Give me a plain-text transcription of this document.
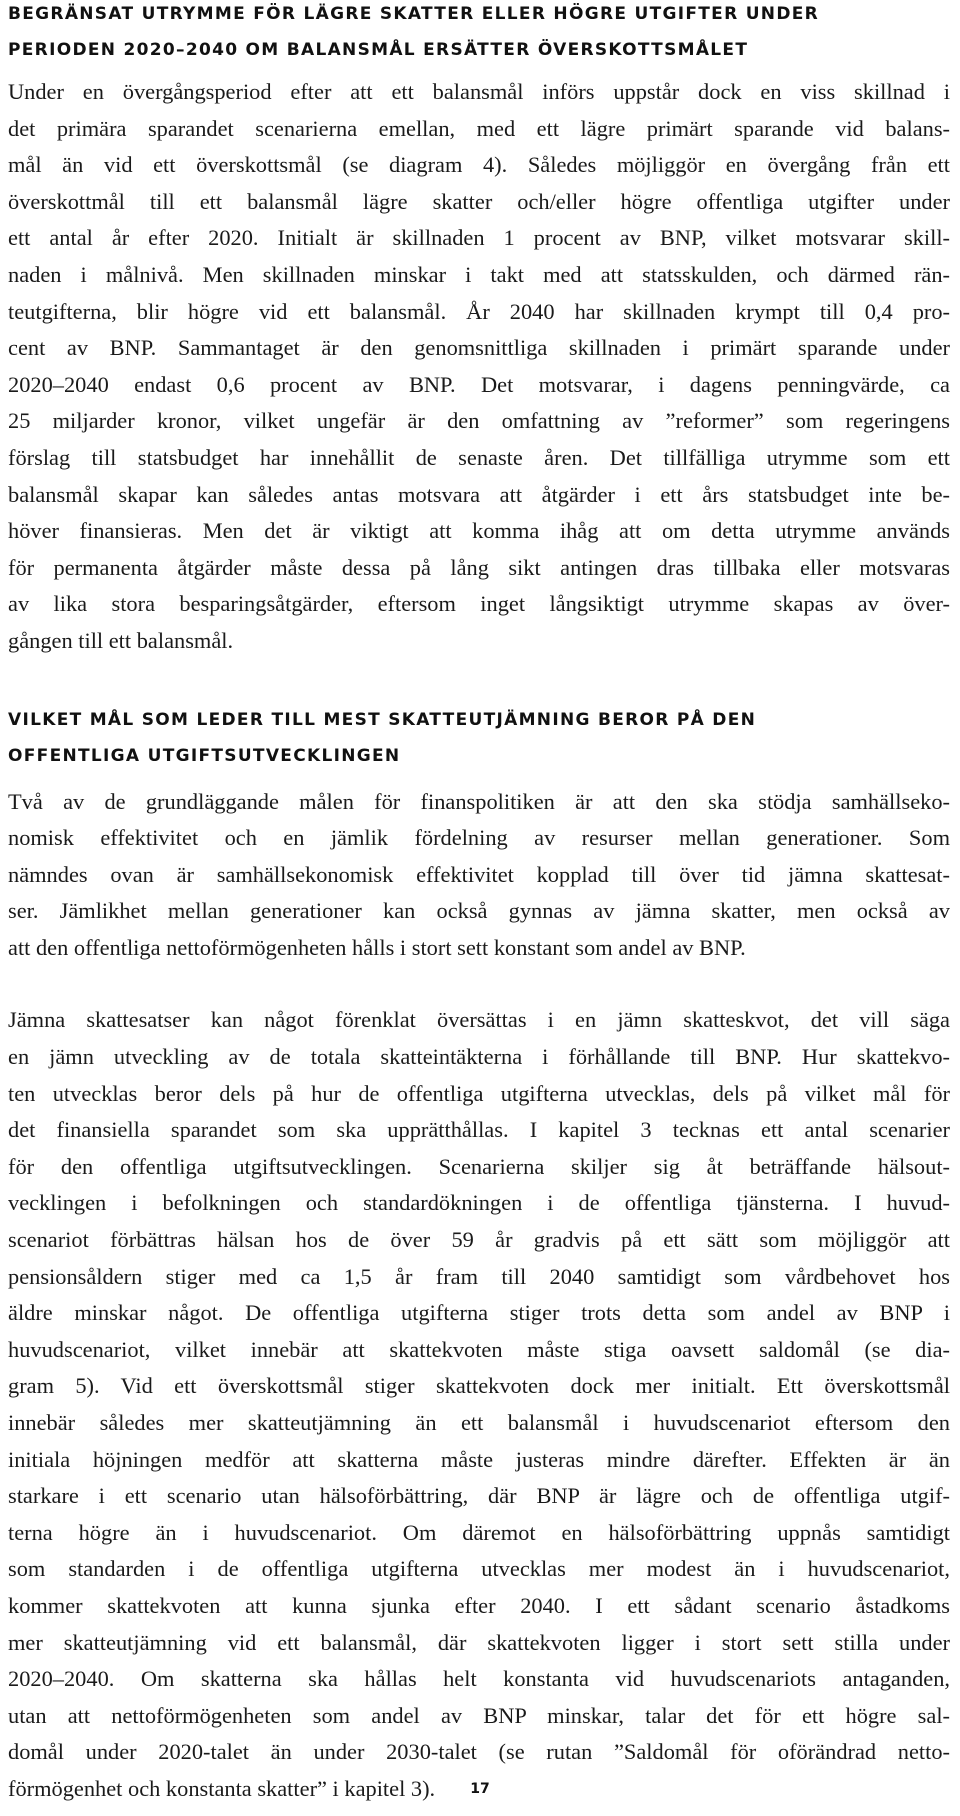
BEGRÄNSAT UTRYMME FÖR LÄGRE SKATTER ELLER HÖGRE UTGIFTER UNDER
PERIODEN 2020–2040 OM BALANSMÅL ERSÄTTER ÖVERSKOTTSMÅLET

Under en övergångsperiod efter att ett balansmål införs uppstår dock en viss skillnad i
det primära sparandet scenarierna emellan, med ett lägre primärt sparande vid balans-
mål än vid ett överskottsmål (se diagram 4). Således möjliggör en övergång från ett
överskottmål till ett balansmål lägre skatter och/eller högre offentliga utgifter under
ett antal år efter 2020. Initialt är skillnaden 1 procent av BNP, vilket motsvarar skill-
naden i målnivå. Men skillnaden minskar i takt med att statsskulden, och därmed rän-
teutgifterna, blir högre vid ett balansmål. År 2040 har skillnaden krympt till 0,4 pro-
cent av BNP. Sammantaget är den genomsnittliga skillnaden i primärt sparande under
2020–2040 endast 0,6 procent av BNP. Det motsvarar, i dagens penningvärde, ca
25 miljarder kronor, vilket ungefär är den omfattning av ”reformer” som regeringens
förslag till statsbudget har innehållit de senaste åren. Det tillfälliga utrymme som ett
balansmål skapar kan således antas motsvara att åtgärder i ett års statsbudget inte be-
höver finansieras. Men det är viktigt att komma ihåg att om detta utrymme används
för permanenta åtgärder måste dessa på lång sikt antingen dras tillbaka eller motsvaras
av lika stora besparingsåtgärder, eftersom inget långsiktigt utrymme skapas av över-
gången till ett balansmål.

VILKET MÅL SOM LEDER TILL MEST SKATTEUTJÄMNING BEROR PÅ DEN
OFFENTLIGA UTGIFTSUTVECKLINGEN

Två av de grundläggande målen för finanspolitiken är att den ska stödja samhällseko-
nomisk effektivitet och en jämlik fördelning av resurser mellan generationer. Som
nämndes ovan är samhällsekonomisk effektivitet kopplad till över tid jämna skattesat-
ser. Jämlikhet mellan generationer kan också gynnas av jämna skatter, men också av
att den offentliga nettoförmögenheten hålls i stort sett konstant som andel av BNP.

Jämna skattesatser kan något förenklat översättas i en jämn skatteskvot, det vill säga
en jämn utveckling av de totala skatteintäkterna i förhållande till BNP. Hur skattekvo-
ten utvecklas beror dels på hur de offentliga utgifterna utvecklas, dels på vilket mål för
det finansiella sparandet som ska upprätthållas. I kapitel 3 tecknas ett antal scenarier
för den offentliga utgiftsutvecklingen. Scenarierna skiljer sig åt beträffande hälsout-
vecklingen i befolkningen och standardökningen i de offentliga tjänsterna. I huvud-
scenariot förbättras hälsan hos de över 59 år gradvis på ett sätt som möjliggör att
pensionsåldern stiger med ca 1,5 år fram till 2040 samtidigt som vårdbehovet hos
äldre minskar något. De offentliga utgifterna stiger trots detta som andel av BNP i
huvudscenariot, vilket innebär att skattekvoten måste stiga oavsett saldomål (se dia-
gram 5). Vid ett överskottsmål stiger skattekvoten dock mer initialt. Ett överskottsmål
innebär således mer skatteutjämning än ett balansmål i huvudscenariot eftersom den
initiala höjningen medför att skatterna måste justeras mindre därefter. Effekten är än
starkare i ett scenario utan hälsoförbättring, där BNP är lägre och de offentliga utgif-
terna högre än i huvudscenariot. Om däremot en hälsoförbättring uppnås samtidigt
som standarden i de offentliga utgifterna utvecklas mer modest än i huvudscenariot,
kommer skattekvoten att kunna sjunka efter 2040. I ett sådant scenario åstadkoms
mer skatteutjämning vid ett balansmål, där skattekvoten ligger i stort sett stilla under
2020–2040. Om skatterna ska hållas helt konstanta vid huvudscenariots antaganden,
utan att nettoförmögenheten som andel av BNP minskar, talar det för ett högre sal-
domål under 2020-talet än under 2030-talet (se rutan ”Saldomål för oförändrad netto-
förmögenhet och konstanta skatter” i kapitel 3).	17
